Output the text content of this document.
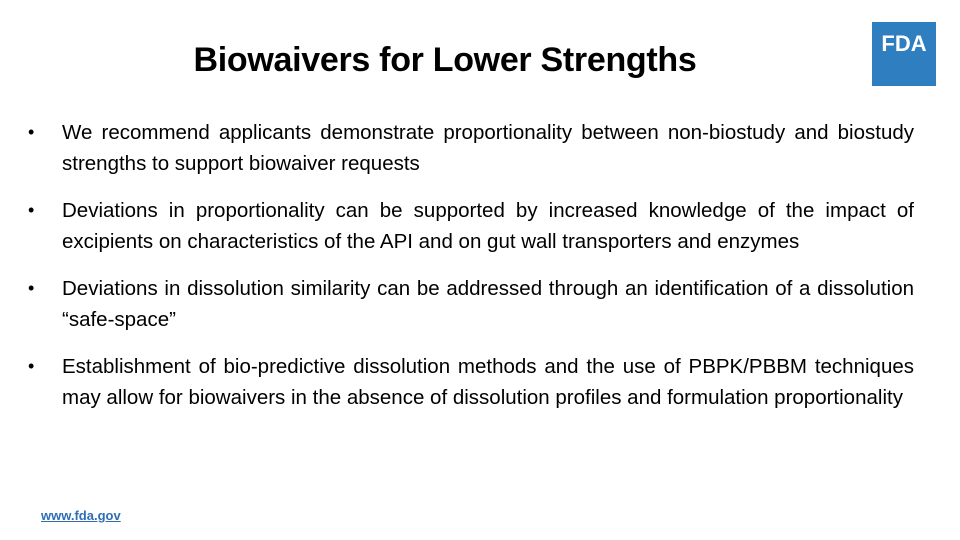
Biowaivers for Lower Strengths	FDA
• We recommend applicants demonstrate proportionality between non-biostudy and biostudy strengths to support biowaiver requests
• Deviations in proportionality can be supported by increased knowledge of the impact of excipients on characteristics of the API and on gut wall transporters and enzymes
• Deviations in dissolution similarity can be addressed through an identification of a dissolution “safe-space”
• Establishment of bio-predictive dissolution methods and the use of PBPK/PBBM techniques may allow for biowaivers in the absence of dissolution profiles and formulation proportionality
www.fda.gov
